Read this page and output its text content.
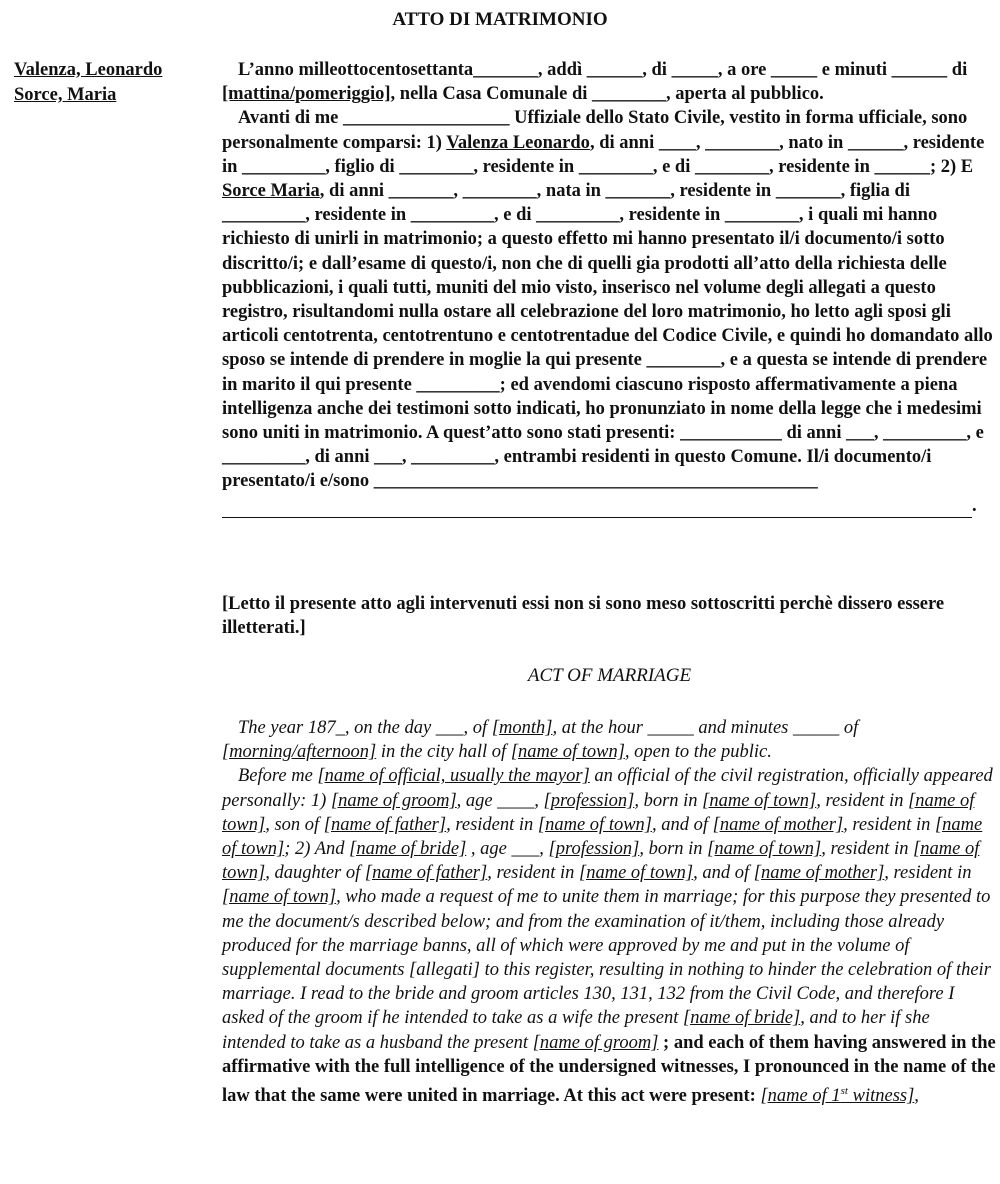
ATTO DI MATRIMONIO
Valenza, Leonardo
Sorce, Maria

L’anno milleottocentosettanta_______, addì ______, di _____, a ore _____ e minuti ______ di [mattina/pomeriggio], nella Casa Comunale di ________, aperta al pubblico.

Avanti di me __________________ Uffiziale dello Stato Civile, vestito in forma ufficiale, sono personalmente comparsi: 1) Valenza Leonardo, di anni ____, ________, nato in ______, residente in _________, figlio di ________, residente in ________, e di ________, residente in ______; 2) E Sorce Maria, di anni _______, ________, nata in _______, residente in _______, figlia di _________, residente in _________, e di _________, residente in ________, i quali mi hanno richiesto di unirli in matrimonio; a questo effetto mi hanno presentato il/i documento/i sotto discritto/i; e dall’esame di questo/i, non che di quelli gia prodotti all’atto della richiesta delle pubblicazioni, i quali tutti, muniti del mio visto, inserisco nel volume degli allegati a questo registro, risultandomi nulla ostare all celebrazione del loro matrimonio, ho letto agli sposi gli articoli centotrenta, centotrentuno e centotrentadue del Codice Civile, e quindi ho domandato allo sposo se intende di prendere in moglie la qui presente ________, e a questa se intende di prendere in marito il qui presente _________; ed avendomi ciascuno risposto affermativamente a piena intelligenza anche dei testimoni sotto indicati, ho pronunziato in nome della legge che i medesimi sono uniti in matrimonio. A quest’atto sono stati presenti: ___________ di anni ___, _________, e _________, di anni ___, _________, entrambi residenti in questo Comune. Il/i documento/i presentato/i e/sono ________________________________________________

.
[Letto il presente atto agli intervenuti essi non si sono meso sottoscritti perchè dissero essere illetterati.]
ACT OF MARRIAGE

The year 187_, on the day ___, of [month], at the hour _____ and minutes _____ of [morning/afternoon] in the city hall of [name of town], open to the public.

Before me [name of official, usually the mayor] an official of the civil registration, officially appeared personally: 1) [name of groom], age ____, [profession], born in [name of town], resident in [name of town], son of [name of father], resident in [name of town], and of [name of mother], resident in [name of town]; 2) And [name of bride] , age ___, [profession], born in [name of town], resident in [name of town], daughter of [name of father], resident in [name of town], and of [name of mother], resident in [name of town], who made a request of me to unite them in marriage; for this purpose they presented to me the document/s described below; and from the examination of it/them, including those already produced for the marriage banns, all of which were approved by me and put in the volume of supplemental documents [allegati] to this register, resulting in nothing to hinder the celebration of their marriage. I read to the bride and groom articles 130, 131, 132 from the Civil Code, and therefore I asked of the groom if he intended to take as a wife the present [name of bride], and to her if she intended to take as a husband the present [name of groom] ; and each of them having answered in the affirmative with the full intelligence of the undersigned witnesses, I pronounced in the name of the law that the same were united in marriage. At this act were present: [name of 1st witness],
